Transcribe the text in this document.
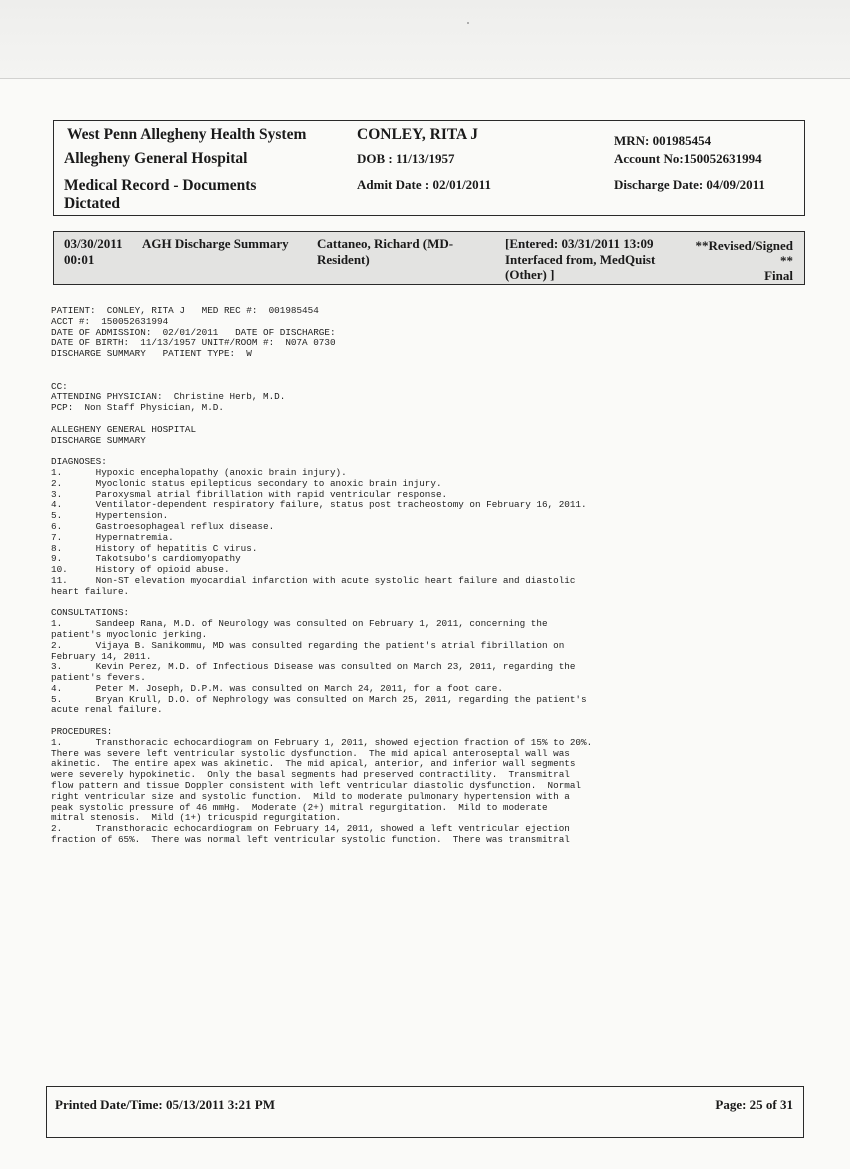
West Penn Allegheny Health System
Allegheny General Hospital
Medical Record - Documents Dictated
CONLEY, RITA J
DOB : 11/13/1957
Admit Date : 02/01/2011
MRN: 001985454
Account No:150052631994
Discharge Date: 04/09/2011
03/30/2011
00:01
AGH Discharge Summary Cattaneo, Richard (MD-
Resident)
[Entered: 03/31/2011 13:09
Interfaced from, MedQuist
(Other) ]
**Revised/Signed
**
Final
PATIENT:  CONLEY, RITA J   MED REC #:  001985454
ACCT #:  150052631994
DATE OF ADMISSION:  02/01/2011   DATE OF DISCHARGE:
DATE OF BIRTH:  11/13/1957 UNIT#/ROOM #:  N07A 0730
DISCHARGE SUMMARY   PATIENT TYPE:  W

CC:
ATTENDING PHYSICIAN:  Christine Herb, M.D.
PCP:  Non Staff Physician, M.D.

ALLEGHENY GENERAL HOSPITAL
DISCHARGE SUMMARY

DIAGNOSES:
1.      Hypoxic encephalopathy (anoxic brain injury).
2.      Myoclonic status epilepticus secondary to anoxic brain injury.
3.      Paroxysmal atrial fibrillation with rapid ventricular response.
4.      Ventilator-dependent respiratory failure, status post tracheostomy on February 16, 2011.
5.      Hypertension.
6.      Gastroesophageal reflux disease.
7.      Hypernatremia.
8.      History of hepatitis C virus.
9.      Takotsubo's cardiomyopathy
10.     History of opioid abuse.
11.     Non-ST elevation myocardial infarction with acute systolic heart failure and diastolic
heart failure.

CONSULTATIONS:
1.      Sandeep Rana, M.D. of Neurology was consulted on February 1, 2011, concerning the
patient's myoclonic jerking.
2.      Vijaya B. Sanikommu, MD was consulted regarding the patient's atrial fibrillation on
February 14, 2011.
3.      Kevin Perez, M.D. of Infectious Disease was consulted on March 23, 2011, regarding the
patient's fevers.
4.      Peter M. Joseph, D.P.M. was consulted on March 24, 2011, for a foot care.
5.      Bryan Krull, D.O. of Nephrology was consulted on March 25, 2011, regarding the patient's
acute renal failure.

PROCEDURES:
1.      Transthoracic echocardiogram on February 1, 2011, showed ejection fraction of 15% to 20%.
There was severe left ventricular systolic dysfunction.  The mid apical anteroseptal wall was
akinetic.  The entire apex was akinetic.  The mid apical, anterior, and inferior wall segments
were severely hypokinetic.  Only the basal segments had preserved contractility.  Transmitral
flow pattern and tissue Doppler consistent with left ventricular diastolic dysfunction.  Normal
right ventricular size and systolic function.  Mild to moderate pulmonary hypertension with a
peak systolic pressure of 46 mmHg.  Moderate (2+) mitral regurgitation.  Mild to moderate
mitral stenosis.  Mild (1+) tricuspid regurgitation.
2.      Transthoracic echocardiogram on February 14, 2011, showed a left ventricular ejection
fraction of 65%.  There was normal left ventricular systolic function.  There was transmitral
Printed Date/Time: 05/13/2011 3:21 PM	Page: 25 of 31
